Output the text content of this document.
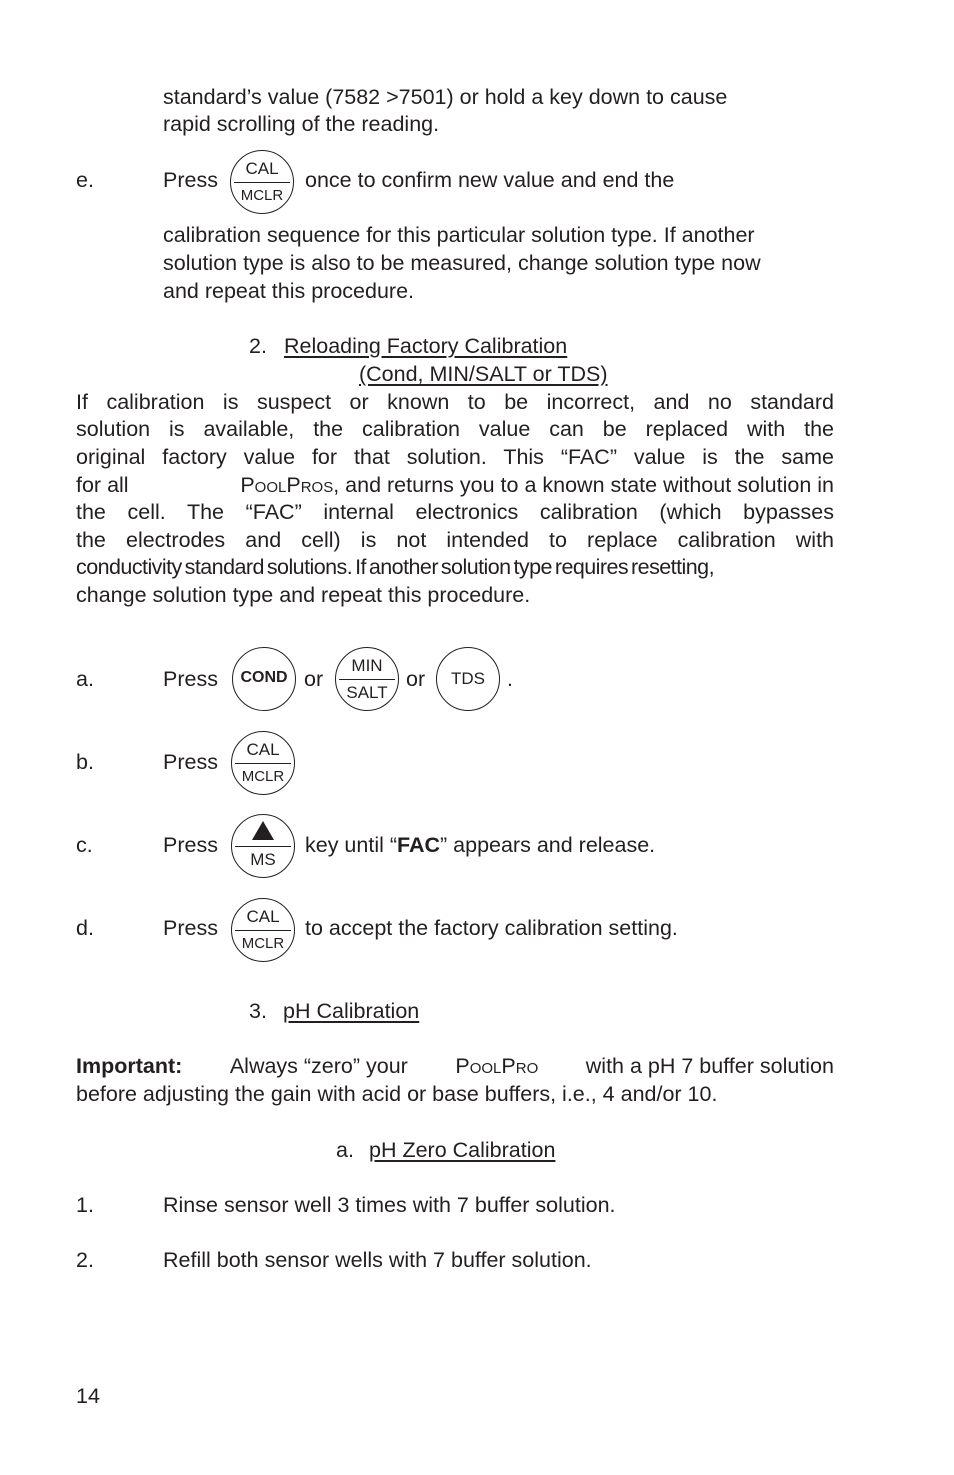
standard’s value (7582 >7501) or hold a key down to cause
rapid scrolling of the reading.
e.	Press	CAL
MCLR
once to confirm new value and end the
calibration sequence for this particular solution type. If another
solution type is also to be measured, change solution type now
and repeat this procedure.
2. Reloading Factory Calibration
(Cond, MIN/SALT or TDS)
If calibration is suspect or known to be incorrect, and no standard
solution is available, the calibration value can be replaced with the
original factory value for that solution. This “FAC” value is the same
for all	POOLPROS, and returns you to a known state without solution in
the cell. The “FAC” internal electronics calibration (which bypasses
the electrodes and cell) is not intended to replace calibration with
conductivity standard solutions. If another solution type requires resetting,
change solution type and repeat this procedure.
a.	Press	COND or
MIN
SALT
or	TDS	.
b.	Press
CAL
MCLR
c.	Press
MS
key until “FAC” appears and release.
d.	Press	CAL
MCLR
to accept the factory calibration setting.
3. pH Calibration
Important: Always “zero” your POOLPRO with a pH 7 buffer solution
before adjusting the gain with acid or base buffers, i.e., 4 and/or 10.
a. pH Zero Calibration
1.	Rinse sensor well 3 times with 7 buffer solution.
2.	Refill both sensor wells with 7 buffer solution.
14
